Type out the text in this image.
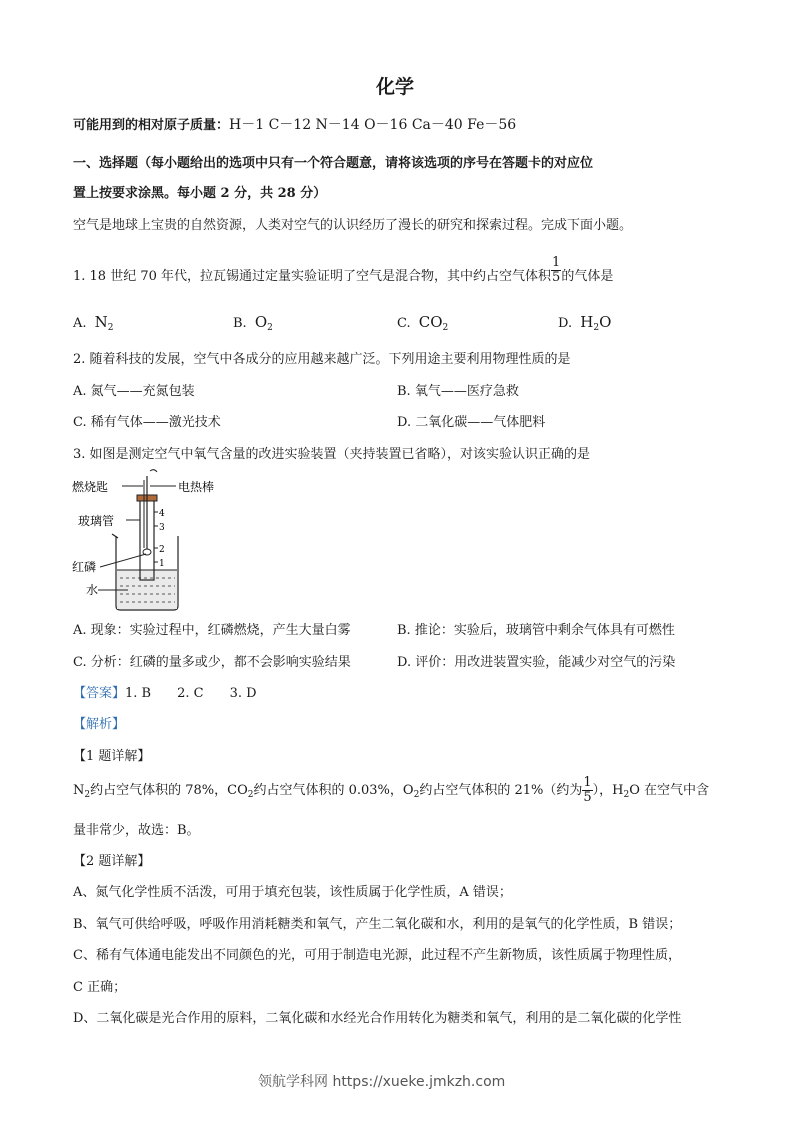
化学
可能用到的相对原子质量：H－1 C－12 N－14 O－16 Ca－40 Fe－56
一、选择题（每小题给出的选项中只有一个符合题意，请将该选项的序号在答题卡的对应位
置上按要求涂黑。每小题 2 分，共 28 分）
空气是地球上宝贵的自然资源，人类对空气的认识经历了漫长的研究和探索过程。完成下面小题。
1. 18 世纪 70 年代，拉瓦锡通过定量实验证明了空气是混合物，其中约占空气体积 $\frac{1}{5}$ 的气体是
A. $N_2$	B. $O_2$	C. $CO_2$	D. $H_2O$
2. 随着科技的发展，空气中各成分的应用越来越广泛。下列用途主要利用物理性质的是
A. 氮气——充氮包装	B. 氧气——医疗急救
C. 稀有气体——激光技术	D. 二氧化碳——气体肥料
3. 如图是测定空气中氧气含量的改进实验装置（夹持装置已省略），对该实验认识正确的是
4
3
2
1
燃烧匙	电热棒
玻璃管
红磷
水
A. 现象：实验过程中，红磷燃烧，产生大量白雾	B. 推论：实验后，玻璃管中剩余气体具有可燃性
C. 分析：红磷的量多或少，都不会影响实验结果	D. 评价：用改进装置实验，能减少对空气的污染
【答案】1. B　　2. C　　3. D
【解析】
【1 题详解】
$N_2$约占空气体积的 78%，$CO_2$约占空气体积的 0.03%，$O_2$约占空气体积的 21%（约为 $\frac{1}{5}$ ），$H_2O$ 在空气中含
量非常少，故选：B。
【2 题详解】
A、氮气化学性质不活泼，可用于填充包装，该性质属于化学性质，A 错误；
B、氧气可供给呼吸，呼吸作用消耗糖类和氧气，产生二氧化碳和水，利用的是氧气的化学性质，B 错误；
C、稀有气体通电能发出不同颜色的光，可用于制造电光源，此过程不产生新物质，该性质属于物理性质，
C 正确；
D、二氧化碳是光合作用的原料，二氧化碳和水经光合作用转化为糖类和氧气，利用的是二氧化碳的化学性
领航学科网 https://xueke.jmkzh.com
